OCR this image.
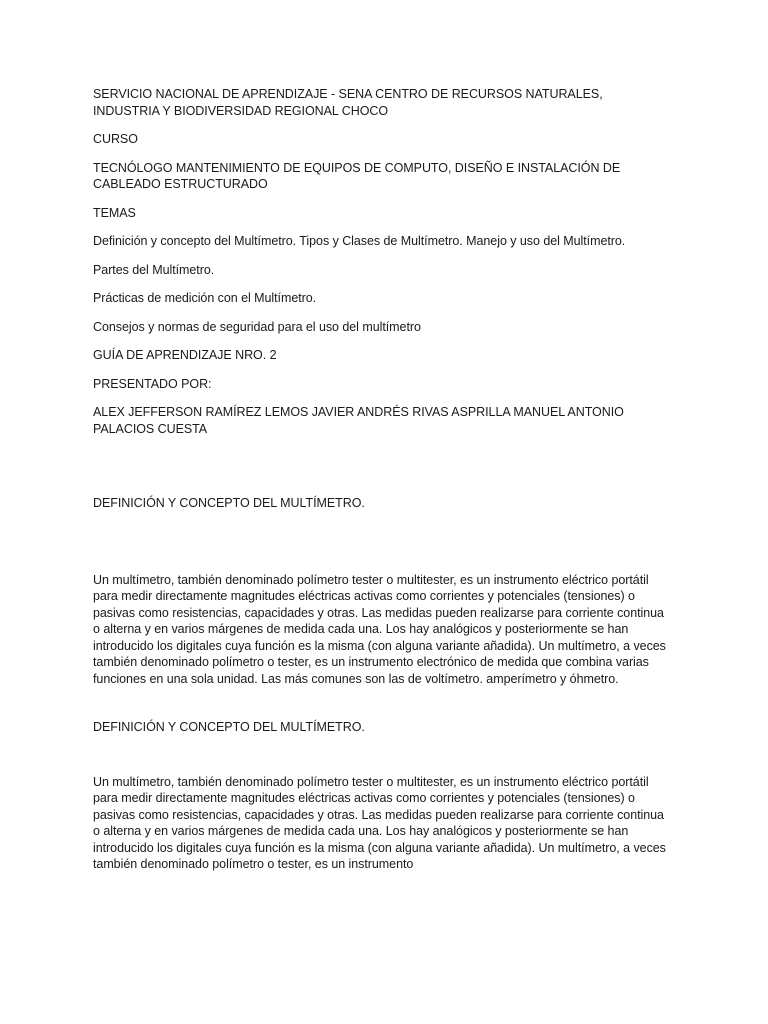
SERVICIO NACIONAL DE APRENDIZAJE - SENA CENTRO DE RECURSOS NATURALES, INDUSTRIA Y BIODIVERSIDAD REGIONAL CHOCO

CURSO

TECNÓLOGO MANTENIMIENTO DE EQUIPOS DE COMPUTO, DISEÑO E INSTALACIÓN DE CABLEADO ESTRUCTURADO

TEMAS

Definición y concepto del Multímetro. Tipos y Clases de Multímetro. Manejo y uso del Multímetro.

Partes del Multímetro.

Prácticas de medición con el Multímetro.

Consejos y normas de seguridad para el uso del multímetro

GUÍA DE APRENDIZAJE NRO. 2

PRESENTADO POR:

ALEX JEFFERSON RAMÍREZ LEMOS JAVIER ANDRÉS RIVAS ASPRILLA MANUEL ANTONIO PALACIOS CUESTA

DEFINICIÓN Y CONCEPTO DEL MULTÍMETRO.

Un multímetro, también denominado polímetro tester o multitester, es un instrumento eléctrico portátil para medir directamente magnitudes eléctricas activas como corrientes y potenciales (tensiones) o pasivas como resistencias, capacidades y otras. Las medidas pueden realizarse para corriente continua o alterna y en varios márgenes de medida cada una. Los hay analógicos y posteriormente se han introducido los digitales cuya función es la misma (con alguna variante añadida). Un multímetro, a veces también denominado polímetro o tester, es un instrumento electrónico de medida que combina varias funciones en una sola unidad. Las más comunes son las de voltímetro. amperímetro y óhmetro.

DEFINICIÓN Y CONCEPTO DEL MULTÍMETRO.

Un multímetro, también denominado polímetro tester o multitester, es un instrumento eléctrico portátil para medir directamente magnitudes eléctricas activas como corrientes y potenciales (tensiones) o pasivas como resistencias, capacidades y otras. Las medidas pueden realizarse para corriente continua o alterna y en varios márgenes de medida cada una. Los hay analógicos y posteriormente se han introducido los digitales cuya función es la misma (con alguna variante añadida). Un multímetro, a veces también denominado polímetro o tester, es un instrumento
